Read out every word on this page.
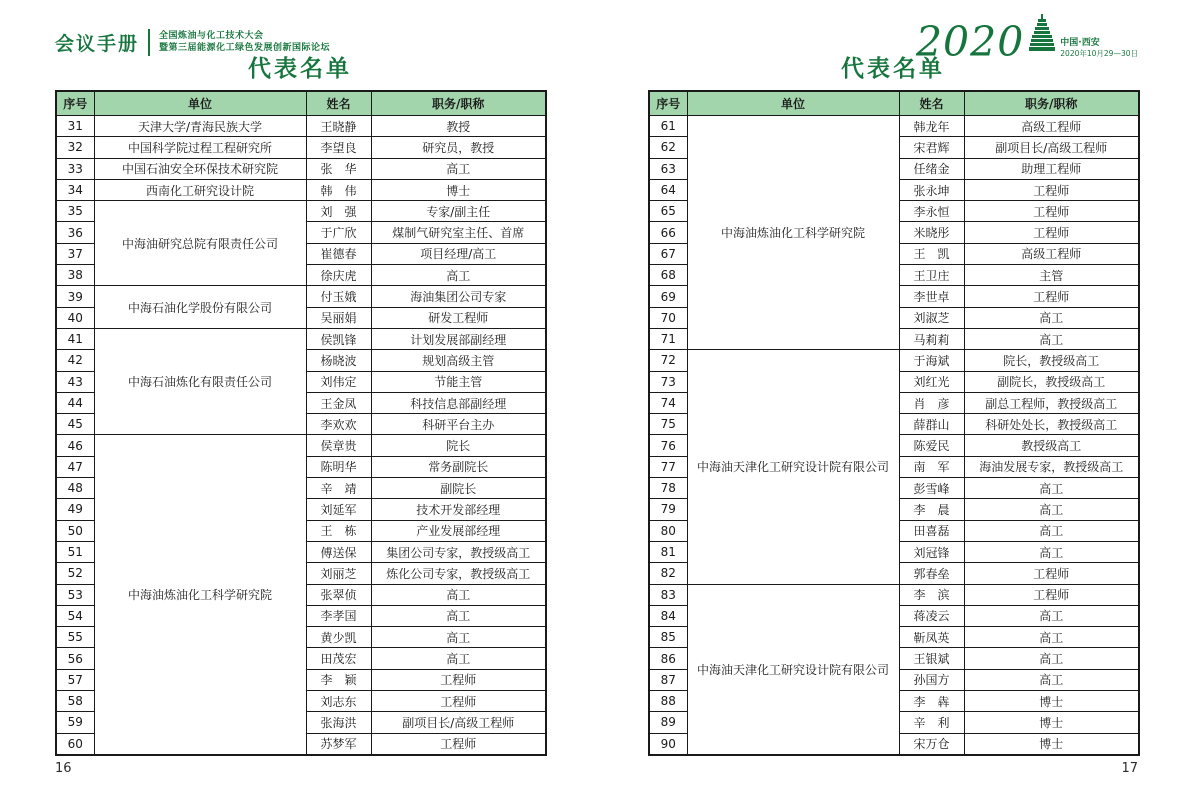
会议手册 全国炼油与化工技术大会
暨第三届能源化工绿色发展创新国际论坛	2020	中国·西安
2020年10月29—30日
代表名单
序号	单位	姓名	职务/职称
31	天津大学/青海民族大学	王晓静	教授
32	中国科学院过程工程研究所	李望良	研究员，教授
33	中国石油安全环保技术研究院	张　华	高工
34	西南化工研究设计院	韩　伟	博士
35	中海油研究总院有限责任公司	刘　强	专家/副主任
36		于广欣	煤制气研究室主任、首席
37		崔德春	项目经理/高工
38		徐庆虎	高工
39	中海石油化学股份有限公司	付玉娥	海油集团公司专家
40		吴丽娟	研发工程师
41	中海石油炼化有限责任公司	侯凯锋	计划发展部副经理
42		杨晓波	规划高级主管
43		刘伟定	节能主管
44		王金凤	科技信息部副经理
45		李欢欢	科研平台主办
46	中海油炼油化工科学研究院	侯章贵	院长
47		陈明华	常务副院长
48		辛　靖	副院长
49		刘延军	技术开发部经理
50		王　栋	产业发展部经理
51		傅送保	集团公司专家，教授级高工
52		刘丽芝	炼化公司专家，教授级高工
53		张翠侦	高工
54		李孝国	高工
55		黄少凯	高工
56		田茂宏	高工
57		李　颖	工程师
58		刘志东	工程师
59		张海洪	副项目长/高级工程师
60		苏梦军	工程师
16
代表名单
序号	单位	姓名	职务/职称
61	中海油炼油化工科学研究院	韩龙年	高级工程师
62		宋君辉	副项目长/高级工程师
63		任绪金	助理工程师
64		张永坤	工程师
65		李永恒	工程师
66		米晓彤	工程师
67		王　凯	高级工程师
68		王卫庄	主管
69		李世卓	工程师
70		刘淑芝	高工
71		马莉莉	高工
72	中海油天津化工研究设计院有限公司	于海斌	院长，教授级高工
73		刘红光	副院长，教授级高工
74		肖　彦	副总工程师，教授级高工
75		薛群山	科研处处长，教授级高工
76		陈爱民	教授级高工
77		南　军	海油发展专家，教授级高工
78		彭雪峰	高工
79		李　晨	高工
80		田喜磊	高工
81		刘冠锋	高工
82		郭春垒	工程师
83	中海油天津化工研究设计院有限公司	李　滨	工程师
84		蒋凌云	高工
85		靳凤英	高工
86		王银斌	高工
87		孙国方	高工
88		李　犇	博士
89		辛　利	博士
90		宋万仓	博士
17
